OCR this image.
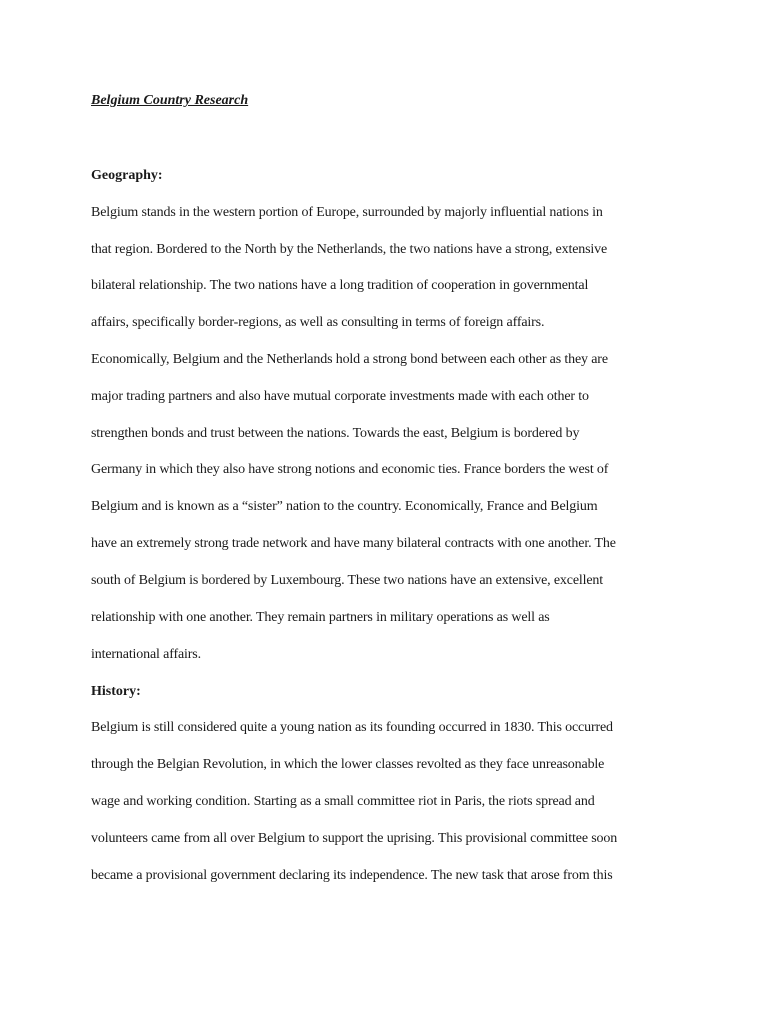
Belgium Country Research
Geography:
Belgium stands in the western portion of Europe, surrounded by majorly influential nations in
that region. Bordered to the North by the Netherlands, the two nations have a strong, extensive
bilateral relationship. The two nations have a long tradition of cooperation in governmental
affairs, specifically border-regions, as well as consulting in terms of foreign affairs.
Economically, Belgium and the Netherlands hold a strong bond between each other as they are
major trading partners and also have mutual corporate investments made with each other to
strengthen bonds and trust between the nations. Towards the east, Belgium is bordered by
Germany in which they also have strong notions and economic ties. France borders the west of
Belgium and is known as a “sister” nation to the country. Economically, France and Belgium
have an extremely strong trade network and have many bilateral contracts with one another. The
south of Belgium is bordered by Luxembourg. These two nations have an extensive, excellent
relationship with one another. They remain partners in military operations as well as
international affairs.
History:
Belgium is still considered quite a young nation as its founding occurred in 1830. This occurred
through the Belgian Revolution, in which the lower classes revolted as they face unreasonable
wage and working condition. Starting as a small committee riot in Paris, the riots spread and
volunteers came from all over Belgium to support the uprising. This provisional committee soon
became a provisional government declaring its independence. The new task that arose from this
